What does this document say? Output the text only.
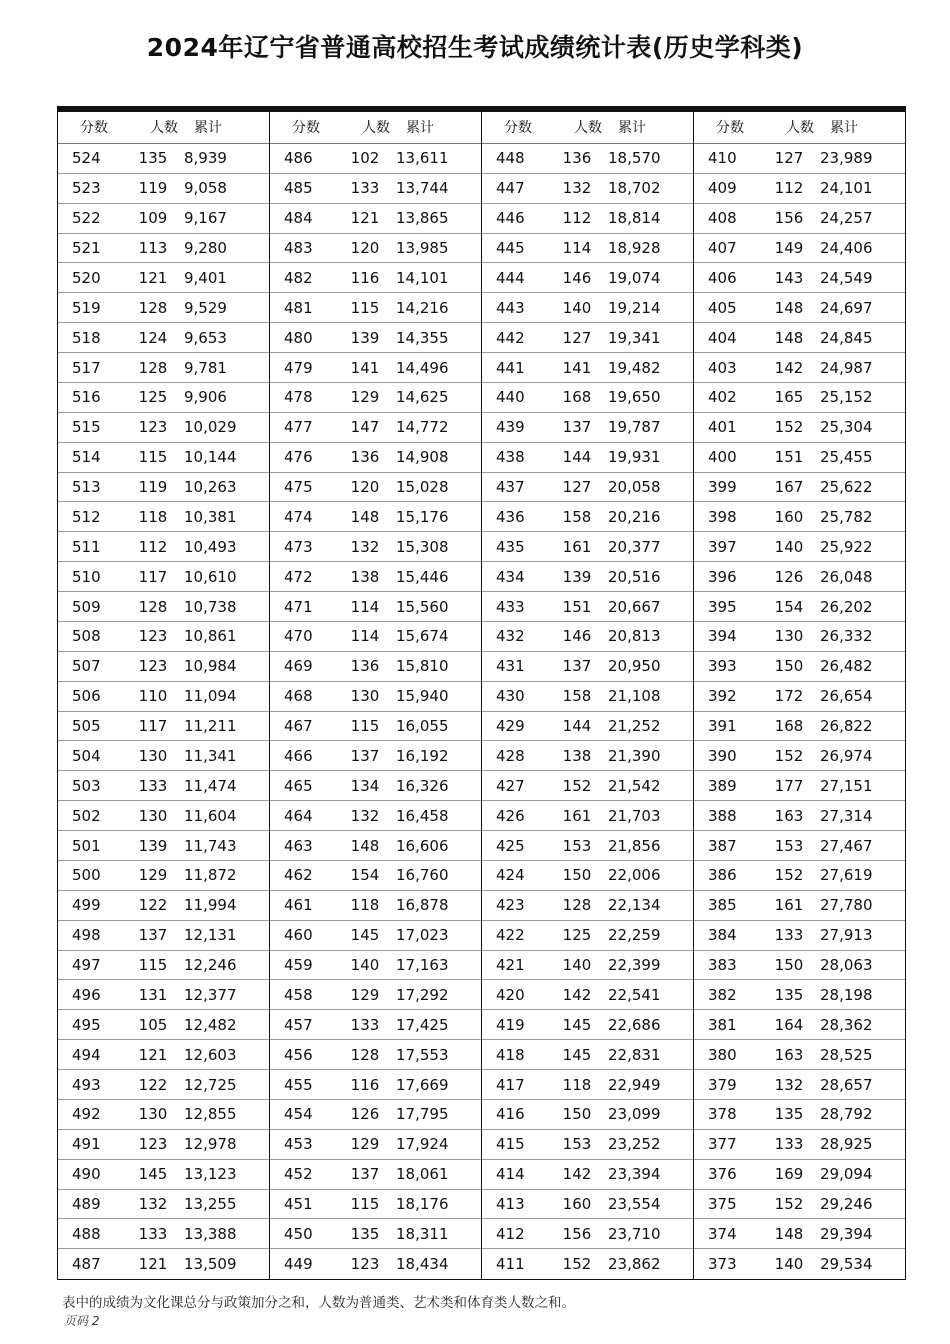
2024年辽宁省普通高校招生考试成绩统计表(历史学科类)
分数	人数	累计
524	135	8,939
523	119	9,058
522	109	9,167
521	113	9,280
520	121	9,401
519	128	9,529
518	124	9,653
517	128	9,781
516	125	9,906
515	123	10,029
514	115	10,144
513	119	10,263
512	118	10,381
511	112	10,493
510	117	10,610
509	128	10,738
508	123	10,861
507	123	10,984
506	110	11,094
505	117	11,211
504	130	11,341
503	133	11,474
502	130	11,604
501	139	11,743
500	129	11,872
499	122	11,994
498	137	12,131
497	115	12,246
496	131	12,377
495	105	12,482
494	121	12,603
493	122	12,725
492	130	12,855
491	123	12,978
490	145	13,123
489	132	13,255
488	133	13,388
487	121	13,509
分数	人数	累计
486	102	13,611
485	133	13,744
484	121	13,865
483	120	13,985
482	116	14,101
481	115	14,216
480	139	14,355
479	141	14,496
478	129	14,625
477	147	14,772
476	136	14,908
475	120	15,028
474	148	15,176
473	132	15,308
472	138	15,446
471	114	15,560
470	114	15,674
469	136	15,810
468	130	15,940
467	115	16,055
466	137	16,192
465	134	16,326
464	132	16,458
463	148	16,606
462	154	16,760
461	118	16,878
460	145	17,023
459	140	17,163
458	129	17,292
457	133	17,425
456	128	17,553
455	116	17,669
454	126	17,795
453	129	17,924
452	137	18,061
451	115	18,176
450	135	18,311
449	123	18,434
分数	人数	累计
448	136	18,570
447	132	18,702
446	112	18,814
445	114	18,928
444	146	19,074
443	140	19,214
442	127	19,341
441	141	19,482
440	168	19,650
439	137	19,787
438	144	19,931
437	127	20,058
436	158	20,216
435	161	20,377
434	139	20,516
433	151	20,667
432	146	20,813
431	137	20,950
430	158	21,108
429	144	21,252
428	138	21,390
427	152	21,542
426	161	21,703
425	153	21,856
424	150	22,006
423	128	22,134
422	125	22,259
421	140	22,399
420	142	22,541
419	145	22,686
418	145	22,831
417	118	22,949
416	150	23,099
415	153	23,252
414	142	23,394
413	160	23,554
412	156	23,710
411	152	23,862
分数	人数	累计
410	127	23,989
409	112	24,101
408	156	24,257
407	149	24,406
406	143	24,549
405	148	24,697
404	148	24,845
403	142	24,987
402	165	25,152
401	152	25,304
400	151	25,455
399	167	25,622
398	160	25,782
397	140	25,922
396	126	26,048
395	154	26,202
394	130	26,332
393	150	26,482
392	172	26,654
391	168	26,822
390	152	26,974
389	177	27,151
388	163	27,314
387	153	27,467
386	152	27,619
385	161	27,780
384	133	27,913
383	150	28,063
382	135	28,198
381	164	28,362
380	163	28,525
379	132	28,657
378	135	28,792
377	133	28,925
376	169	29,094
375	152	29,246
374	148	29,394
373	140	29,534
表中的成绩为文化课总分与政策加分之和，人数为普通类、艺术类和体育类人数之和。
页码 2
